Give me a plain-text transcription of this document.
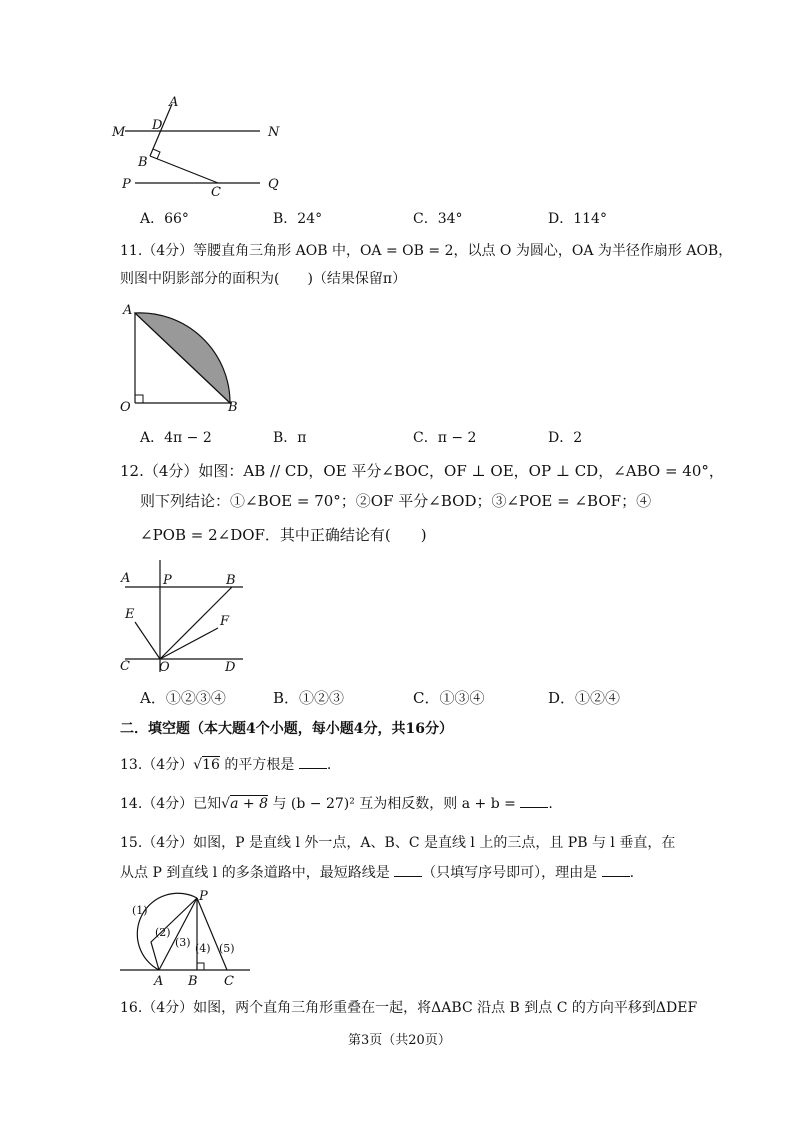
A
D
M	N
B
P
C
Q
A．66°	B．24°	C．34°	D．114°
11.（4分）等腰直角三角形 AOB 中，OA = OB = 2，以点 O 为圆心，OA 为半径作扇形 AOB，
则图中阴影部分的面积为(　　)（结果保留π）
A
O	B
A．4π − 2	B．π	C．π − 2	D．2
12.（4分）如图：AB // CD，OE 平分∠BOC，OF ⊥ OE，OP ⊥ CD，∠ABO = 40°，
则下列结论：①∠BOE = 70°；②OF 平分∠BOD；③∠POE = ∠BOF；④
∠POB = 2∠DOF．其中正确结论有(　　)
A	P	B
E	F
C O	D
A．①②③④	B．①②③	C．①③④	D．①②④
二．填空题（本大题4个小题，每小题4分，共16分）
13.（4分）√16 的平方根是 .
14.（4分）已知√a + 8 与 (b − 27)² 互为相反数，则 a + b = .
15.（4分）如图，P 是直线 l 外一点，A、B、C 是直线 l 上的三点，且 PB 与 l 垂直，在
从点 P 到直线 l 的多条道路中，最短路线是 （只填写序号即可），理由是 .
P
A B C
(1)
(2)
(3) (4) (5)
16.（4分）如图，两个直角三角形重叠在一起，将ΔABC 沿点 B 到点 C 的方向平移到ΔDEF
第3页（共20页）
